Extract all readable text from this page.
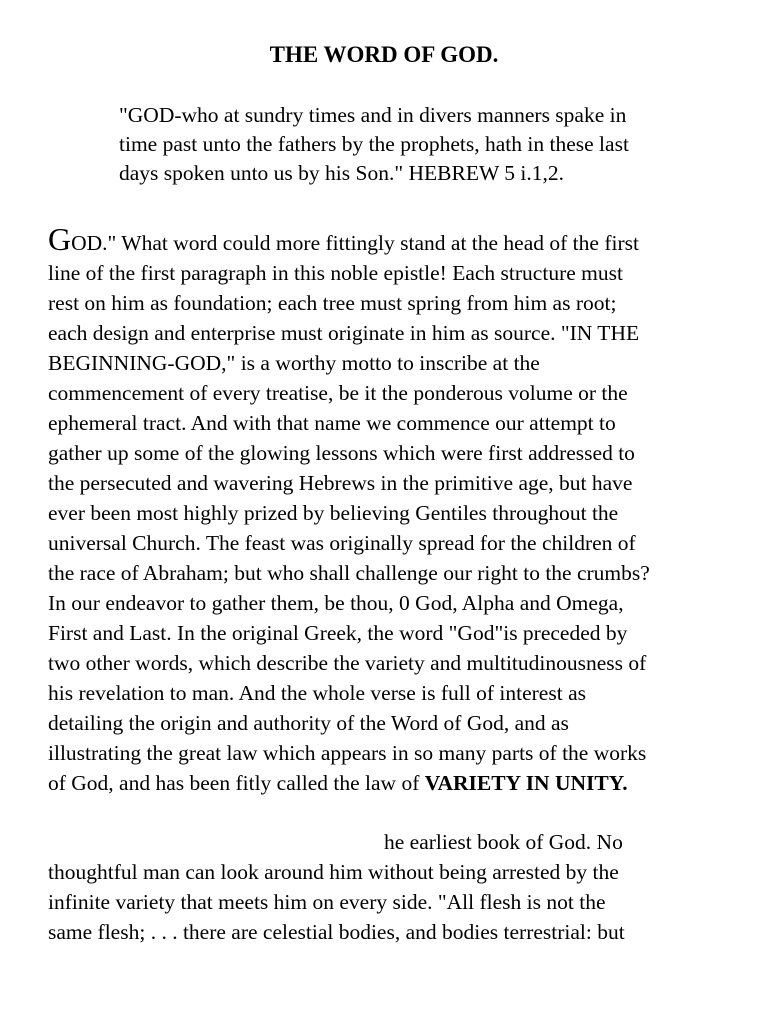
THE WORD OF GOD.
"GOD-who at sundry times and in divers manners spake in
time past unto the fathers by the prophets, hath in these last
days spoken unto us by his Son." HEBREW 5 i.1,2.
GOD." What word could more fittingly stand at the head of the first
line of the first paragraph in this noble epistle! Each structure must
rest on him as foundation; each tree must spring from him as root;
each design and enterprise must originate in him as source. "IN THE
BEGINNING-GOD," is a worthy motto to inscribe at the
commencement of every treatise, be it the ponderous volume or the
ephemeral tract. And with that name we commence our attempt to
gather up some of the glowing lessons which were first addressed to
the persecuted and wavering Hebrews in the primitive age, but have
ever been most highly prized by believing Gentiles throughout the
universal Church. The feast was originally spread for the children of
the race of Abraham; but who shall challenge our right to the crumbs?
In our endeavor to gather them, be thou, 0 God, Alpha and Omega,
First and Last. In the original Greek, the word "God"is preceded by
two other words, which describe the variety and multitudinousness of
his revelation to man. And the whole verse is full of interest as
detailing the origin and authority of the Word of God, and as
illustrating the great law which appears in so many parts of the works
of God, and has been fitly called the law of VARIETY IN UNITY.
he earliest book of God. No
thoughtful man can look around him without being arrested by the
infinite variety that meets him on every side. "All flesh is not the
same flesh; . . . there are celestial bodies, and bodies terrestrial: but
